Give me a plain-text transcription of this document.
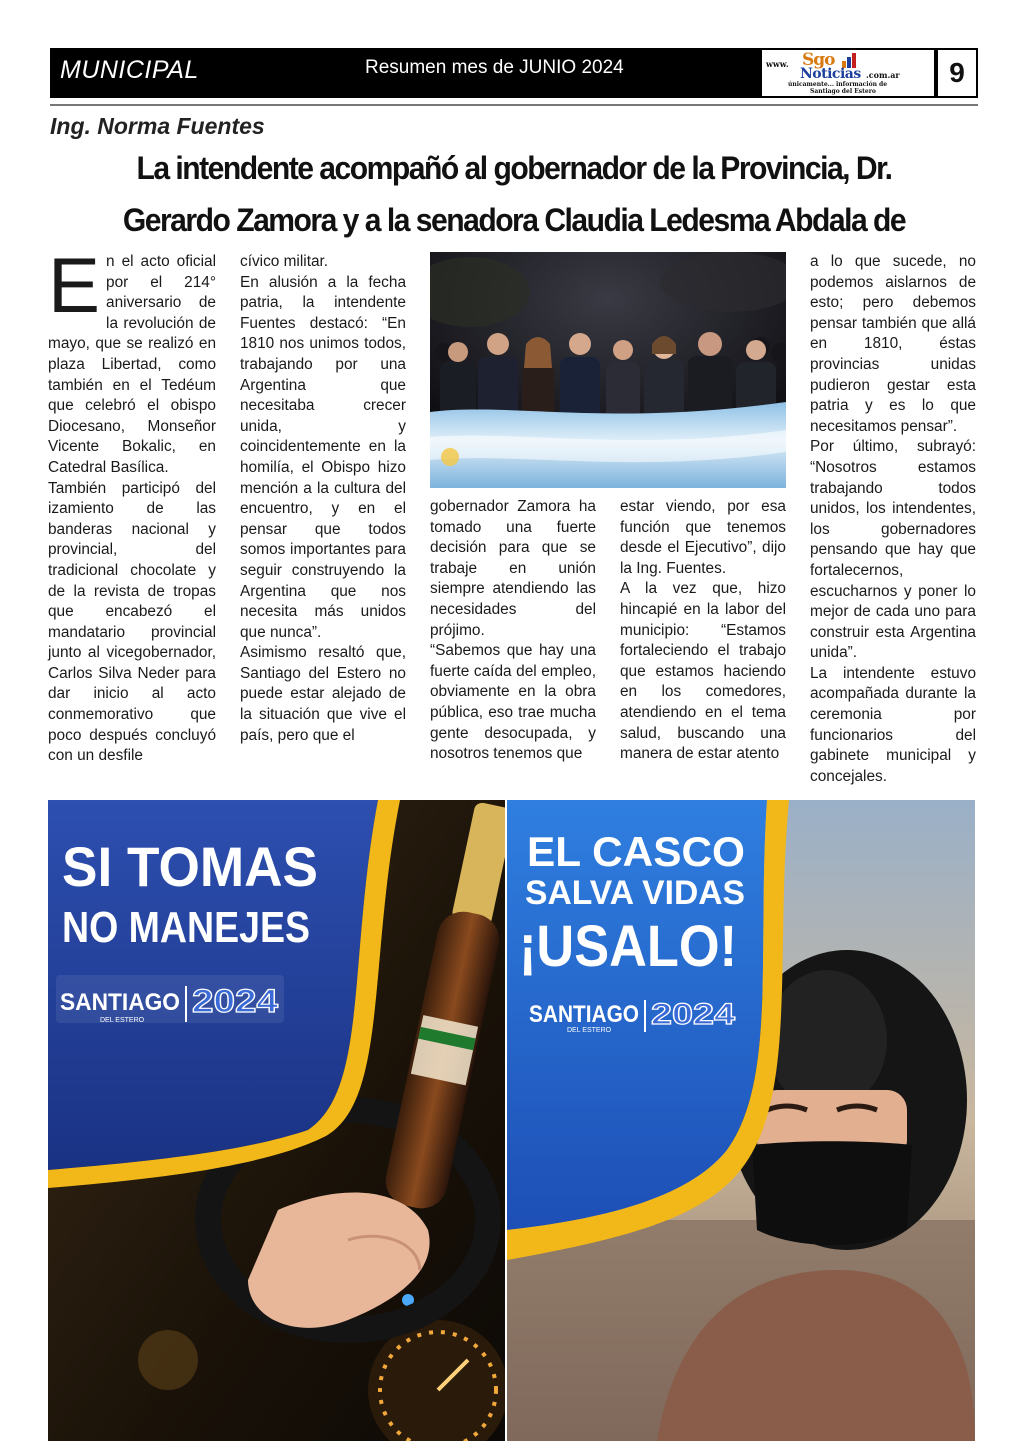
MUNICIPAL	Resumen mes de JUNIO 2024	www. Sgo
Noticias .com.ar
únicamente... información de
Santiago del Estero
9
Ing. Norma Fuentes
La intendente acompañó al gobernador de la Provincia, Dr. Gerardo Zamora y a la senadora Claudia Ledesma Abdala de
E n el acto oficial por el 214° aniversario de la revolución de mayo, que se realizó en plaza Libertad, como también en el Tedéum que celebró el obispo Diocesano, Monseñor Vicente Bokalic, en Catedral Basílica.

También participó del izamiento de las banderas nacional y provincial, del tradicional chocolate y de la revista de tropas que encabezó el mandatario provincial junto al vicegobernador, Carlos Silva Neder para dar inicio al acto conmemorativo que poco después concluyó con un desfile

cívico militar.

En alusión a la fecha patria, la intendente Fuentes destacó: “En 1810 nos unimos todos, trabajando por una Argentina que necesitaba crecer unida, y coincidentemente en la homilía, el Obispo hizo mención a la cultura del encuentro, y en el pensar que todos somos importantes para seguir construyendo la Argentina que nos necesita más unidos que nunca”.

Asimismo resaltó que, Santiago del Estero no puede estar alejado de la situación que vive el país, pero que el

gobernador Zamora ha tomado una fuerte decisión para que se trabaje en unión siempre atendiendo las necesidades del prójimo.

“Sabemos que hay una fuerte caída del empleo, obviamente en la obra pública, eso trae mucha gente desocupada, y nosotros tenemos que

estar viendo, por esa función que tenemos desde el Ejecutivo”, dijo la Ing. Fuentes.

A la vez que, hizo hincapié en la labor del municipio: “Estamos fortaleciendo el trabajo que estamos haciendo en los comedores, atendiendo en el tema salud, buscando una manera de estar atento

a lo que sucede, no podemos aislarnos de esto; pero debemos pensar también que allá en 1810, éstas provincias unidas pudieron gestar esta patria y es lo que necesitamos pensar”.

Por último, subrayó: “Nosotros estamos trabajando todos unidos, los intendentes, los gobernadores pensando que hay que fortalecernos, escucharnos y poner lo mejor de cada uno para construir esta Argentina unida”.

La intendente estuvo acompañada durante la ceremonia por funcionarios del gabinete municipal y concejales.

SI TOMAS
NO MANEJES
SANTIAGO
DEL ESTERO
2024
EL CASCO
SALVA VIDAS
¡USALO!
SANTIAGO
DEL ESTERO 2024
